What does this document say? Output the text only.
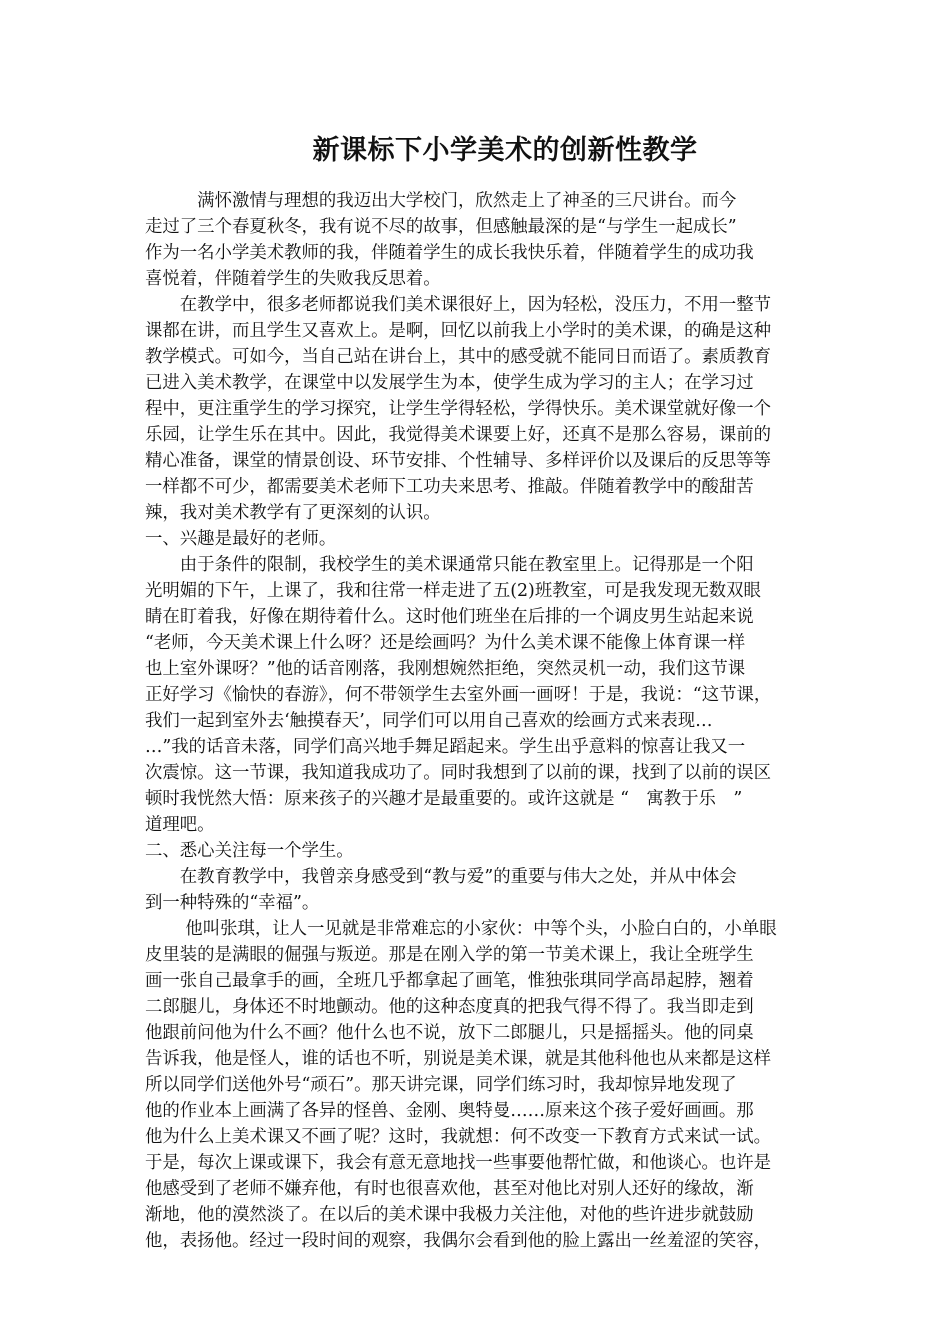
新课标下小学美术的创新性教学
　　　满怀激情与理想的我迈出大学校门，欣然走上了神圣的三尺讲台。而今
走过了三个春夏秋冬，我有说不尽的故事，但感触最深的是“与学生一起成长”
作为一名小学美术教师的我，伴随着学生的成长我快乐着，伴随着学生的成功我
喜悦着，伴随着学生的失败我反思着。
　　在教学中，很多老师都说我们美术课很好上，因为轻松，没压力，不用一整节
课都在讲，而且学生又喜欢上。是啊，回忆以前我上小学时的美术课，的确是这种
教学模式。可如今，当自己站在讲台上，其中的感受就不能同日而语了。素质教育
已进入美术教学，在课堂中以发展学生为本，使学生成为学习的主人；在学习过
程中，更注重学生的学习探究，让学生学得轻松，学得快乐。美术课堂就好像一个
乐园，让学生乐在其中。因此，我觉得美术课要上好，还真不是那么容易，课前的
精心准备，课堂的情景创设、环节安排、个性辅导、多样评价以及课后的反思等等
一样都不可少，都需要美术老师下工功夫来思考、推敲。伴随着教学中的酸甜苦
辣，我对美术教学有了更深刻的认识。
一、兴趣是最好的老师。
　　由于条件的限制，我校学生的美术课通常只能在教室里上。记得那是一个阳
光明媚的下午，上课了，我和往常一样走进了五(2)班教室，可是我发现无数双眼
睛在盯着我，好像在期待着什么。这时他们班坐在后排的一个调皮男生站起来说
“老师，今天美术课上什么呀？还是绘画吗？为什么美术课不能像上体育课一样
也上室外课呀？”他的话音刚落，我刚想婉然拒绝，突然灵机一动，我们这节课
正好学习《愉快的春游》，何不带领学生去室外画一画呀！于是，我说：“这节课，
我们一起到室外去‘触摸春天’，同学们可以用自己喜欢的绘画方式来表现…
…”我的话音未落，同学们高兴地手舞足蹈起来。学生出乎意料的惊喜让我又一
次震惊。这一节课，我知道我成功了。同时我想到了以前的课，找到了以前的误区
顿时我恍然大悟：原来孩子的兴趣才是最重要的。或许这就是 “　寓教于乐　”
道理吧。
二、悉心关注每一个学生。
　　在教育教学中，我曾亲身感受到“教与爱”的重要与伟大之处，并从中体会
到一种特殊的“幸福”。
　　 他叫张琪，让人一见就是非常难忘的小家伙：中等个头，小脸白白的，小单眼
皮里装的是满眼的倔强与叛逆。那是在刚入学的第一节美术课上，我让全班学生
画一张自己最拿手的画，全班几乎都拿起了画笔，惟独张琪同学高昂起脖，翘着
二郎腿儿，身体还不时地颤动。他的这种态度真的把我气得不得了。我当即走到
他跟前问他为什么不画？他什么也不说，放下二郎腿儿，只是摇摇头。他的同桌
告诉我，他是怪人，谁的话也不听，别说是美术课，就是其他科他也从来都是这样
所以同学们送他外号“顽石”。那天讲完课，同学们练习时，我却惊异地发现了
他的作业本上画满了各异的怪兽、金刚、奥特曼……原来这个孩子爱好画画。那
他为什么上美术课又不画了呢？这时，我就想：何不改变一下教育方式来试一试。
于是，每次上课或课下，我会有意无意地找一些事要他帮忙做，和他谈心。也许是
他感受到了老师不嫌弃他，有时也很喜欢他，甚至对他比对别人还好的缘故，渐
渐地，他的漠然淡了。在以后的美术课中我极力关注他，对他的些许进步就鼓励
他，表扬他。经过一段时间的观察，我偶尔会看到他的脸上露出一丝羞涩的笑容，
